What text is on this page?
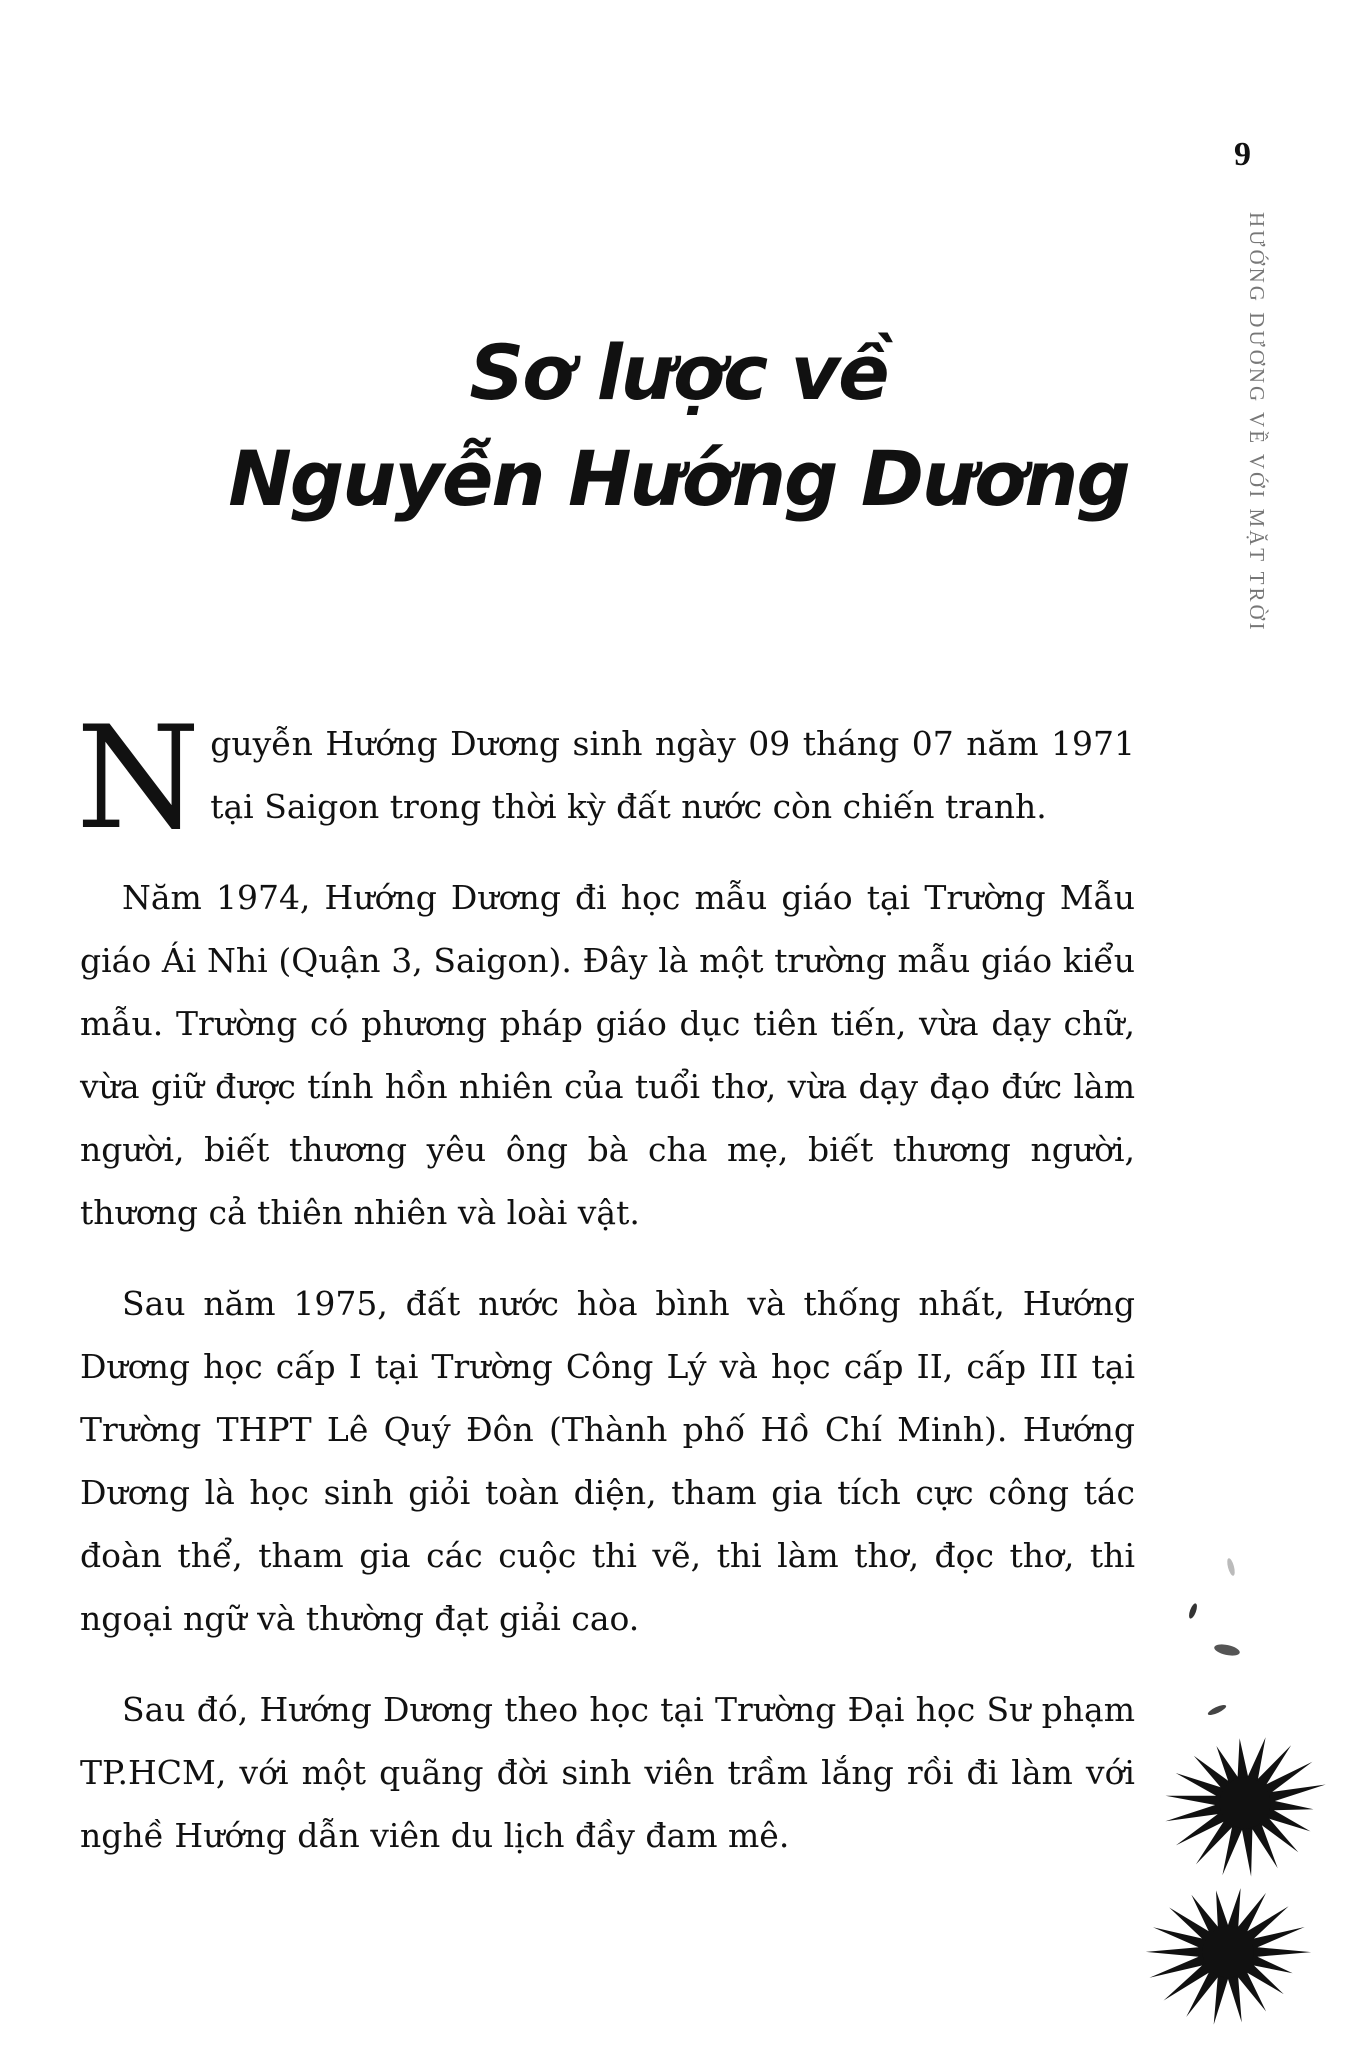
9
HƯỚNG DƯƠNG VỀ VỚI MẶT TRỜI
Sơ lược về
Nguyễn Hướng Dương

Nguyễn Hướng Dương sinh ngày 09 tháng 07 năm 1971 tại Saigon trong thời kỳ đất nước còn chiến tranh.

Năm 1974, Hướng Dương đi học mẫu giáo tại Trường Mẫu giáo Ái Nhi (Quận 3, Saigon). Đây là một trường mẫu giáo kiểu mẫu. Trường có phương pháp giáo dục tiên tiến, vừa dạy chữ, vừa giữ được tính hồn nhiên của tuổi thơ, vừa dạy đạo đức làm người, biết thương yêu ông bà cha mẹ, biết thương người, thương cả thiên nhiên và loài vật.

Sau năm 1975, đất nước hòa bình và thống nhất, Hướng Dương học cấp I tại Trường Công Lý và học cấp II, cấp III tại Trường THPT Lê Quý Đôn (Thành phố Hồ Chí Minh). Hướng Dương là học sinh giỏi toàn diện, tham gia tích cực công tác đoàn thể, tham gia các cuộc thi vẽ, thi làm thơ, đọc thơ, thi ngoại ngữ và thường đạt giải cao.

Sau đó, Hướng Dương theo học tại Trường Đại học Sư phạm TP.HCM, với một quãng đời sinh viên trầm lắng rồi đi làm với nghề Hướng dẫn viên du lịch đầy đam mê.
